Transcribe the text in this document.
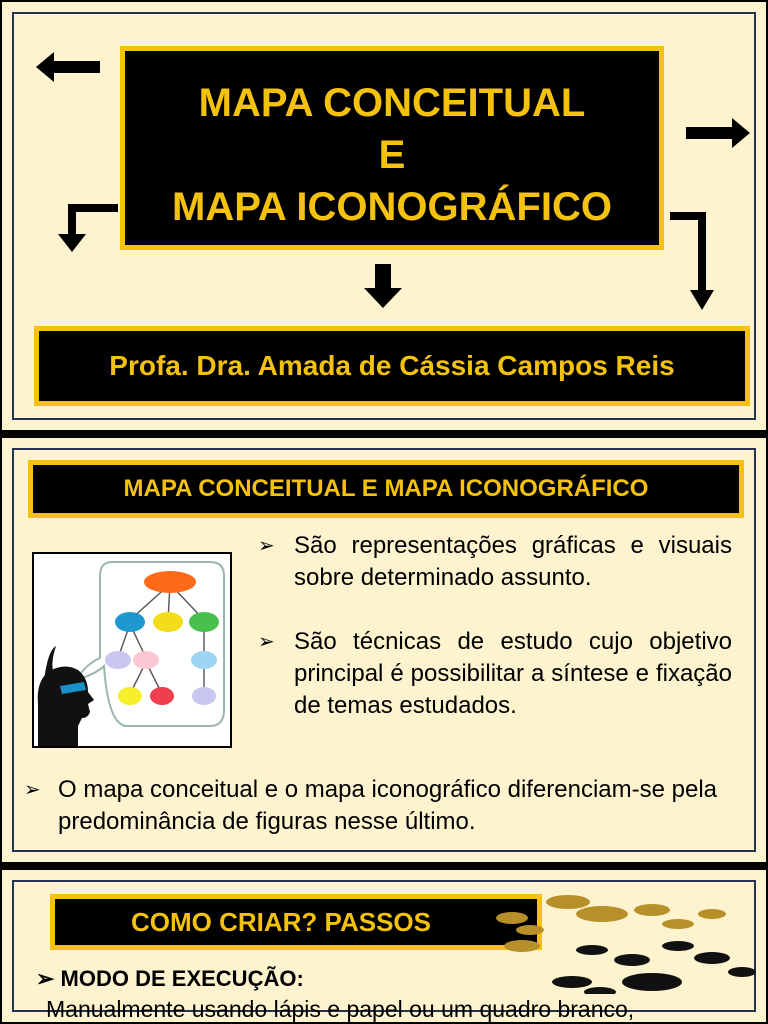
MAPA CONCEITUAL
E
MAPA ICONOGRÁFICO
Profa. Dra. Amada de Cássia Campos Reis
MAPA CONCEITUAL E MAPA ICONOGRÁFICO
➢ São representações gráficas e visuais sobre determinado assunto.
➢ São técnicas de estudo cujo objetivo principal é possibilitar a síntese e fixação de temas estudados.
➢ O mapa conceitual e o mapa iconográfico diferenciam-se pela predominância de figuras nesse último.
COMO CRIAR? PASSOS
➢ MODO DE EXECUÇÃO:
Manualmente usando lápis e papel ou um quadro branco,
